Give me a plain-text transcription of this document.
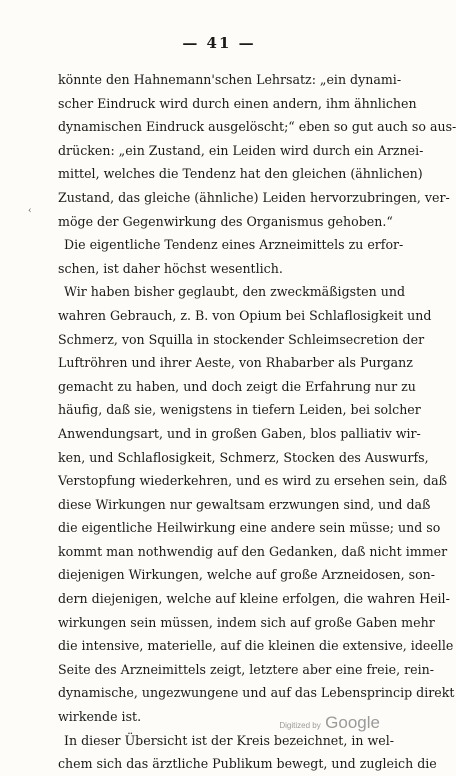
— 41 —
‹
könnte den Hahnemann'schen Lehrsatz: „ein dynami-
scher Eindruck wird durch einen andern, ihm ähnlichen
dynamischen Eindruck ausgelöscht;“ eben so gut auch so aus-
drücken: „ein Zustand, ein Leiden wird durch ein Arznei-
mittel, welches die Tendenz hat den gleichen (ähnlichen)
Zustand, das gleiche (ähnliche) Leiden hervorzubringen, ver-
möge der Gegenwirkung des Organismus gehoben.“
Die eigentliche Tendenz eines Arzneimittels zu erfor-
schen, ist daher höchst wesentlich.
Wir haben bisher geglaubt, den zweckmäßigsten und
wahren Gebrauch, z. B. von Opium bei Schlaflosigkeit und
Schmerz, von Squilla in stockender Schleimsecretion der
Luftröhren und ihrer Aeste, von Rhabarber als Purganz
gemacht zu haben, und doch zeigt die Erfahrung nur zu
häufig, daß sie, wenigstens in tiefern Leiden, bei solcher
Anwendungsart, und in großen Gaben, blos palliativ wir-
ken, und Schlaflosigkeit, Schmerz, Stocken des Auswurfs,
Verstopfung wiederkehren, und es wird zu ersehen sein, daß
diese Wirkungen nur gewaltsam erzwungen sind, und daß
die eigentliche Heilwirkung eine andere sein müsse; und so
kommt man nothwendig auf den Gedanken, daß nicht immer
diejenigen Wirkungen, welche auf große Arzneidosen, son-
dern diejenigen, welche auf kleine erfolgen, die wahren Heil-
wirkungen sein müssen, indem sich auf große Gaben mehr
die intensive, materielle, auf die kleinen die extensive, ideelle
Seite des Arzneimittels zeigt, letztere aber eine freie, rein-
dynamische, ungezwungene und auf das Lebensprincip direkt
wirkende ist.
In dieser Übersicht ist der Kreis bezeichnet, in wel-
chem sich das ärztliche Publikum bewegt, und zugleich die
Digitized by Google
